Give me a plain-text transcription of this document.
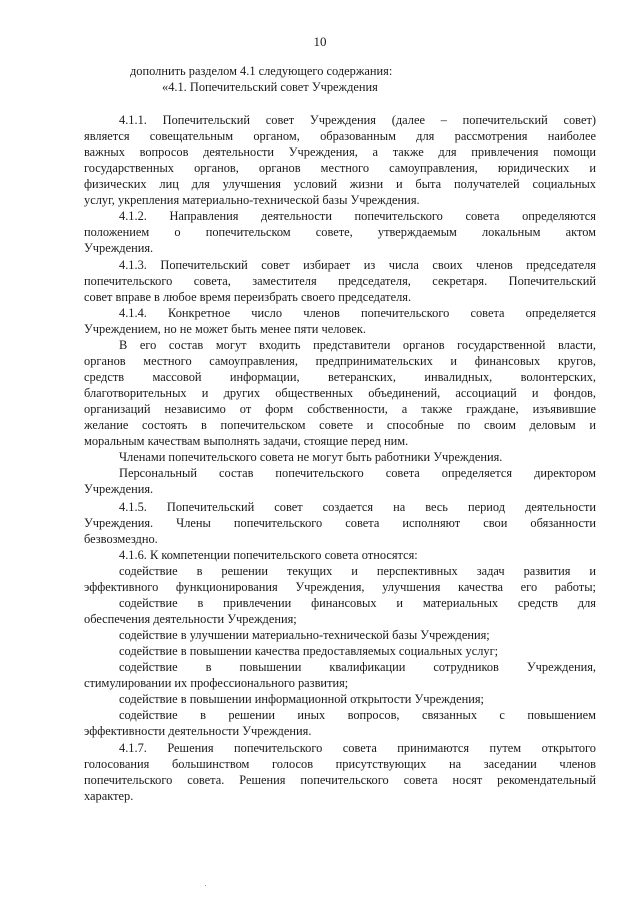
10
дополнить разделом 4.1 следующего содержания:
«4.1. Попечительский совет Учреждения
4.1.1. Попечительский совет Учреждения (далее – попечительский совет)
является совещательным органом, образованным для рассмотрения наиболее
важных вопросов деятельности Учреждения, а также для привлечения помощи
государственных органов, органов местного самоуправления, юридических и
физических лиц для улучшения условий жизни и быта получателей социальных
услуг, укрепления материально-технической базы Учреждения.
4.1.2. Направления деятельности попечительского совета определяются
положением о попечительском совете, утверждаемым локальным актом
Учреждения.
4.1.3. Попечительский совет избирает из числа своих членов председателя
попечительского совета, заместителя председателя, секретаря. Попечительский
совет вправе в любое время переизбрать своего председателя.
4.1.4. Конкретное число членов попечительского совета определяется
Учреждением, но не может быть менее пяти человек.
В его состав могут входить представители органов государственной власти,
органов местного самоуправления, предпринимательских и финансовых кругов,
средств массовой информации, ветеранских, инвалидных, волонтерских,
благотворительных и других общественных объединений, ассоциаций и фондов,
организаций независимо от форм собственности, а также граждане, изъявившие
желание состоять в попечительском совете и способные по своим деловым и
моральным качествам выполнять задачи, стоящие перед ним.
Членами попечительского совета не могут быть работники Учреждения.
Персональный состав попечительского совета определяется директором
Учреждения.
4.1.5. Попечительский совет создается на весь период деятельности
Учреждения. Члены попечительского совета исполняют свои обязанности
безвозмездно.
4.1.6. К компетенции попечительского совета относятся:
содействие в решении текущих и перспективных задач развития и
эффективного функционирования Учреждения, улучшения качества его работы;
содействие в привлечении финансовых и материальных средств для
обеспечения деятельности Учреждения;
содействие в улучшении материально-технической базы Учреждения;
содействие в повышении качества предоставляемых социальных услуг;
содействие в повышении квалификации сотрудников Учреждения,
стимулировании их профессионального развития;
содействие в повышении информационной открытости Учреждения;
содействие в решении иных вопросов, связанных с повышением
эффективности деятельности Учреждения.
4.1.7. Решения попечительского совета принимаются путем открытого
голосования большинством голосов присутствующих на заседании членов
попечительского совета. Решения попечительского совета носят рекомендательный
характер.
